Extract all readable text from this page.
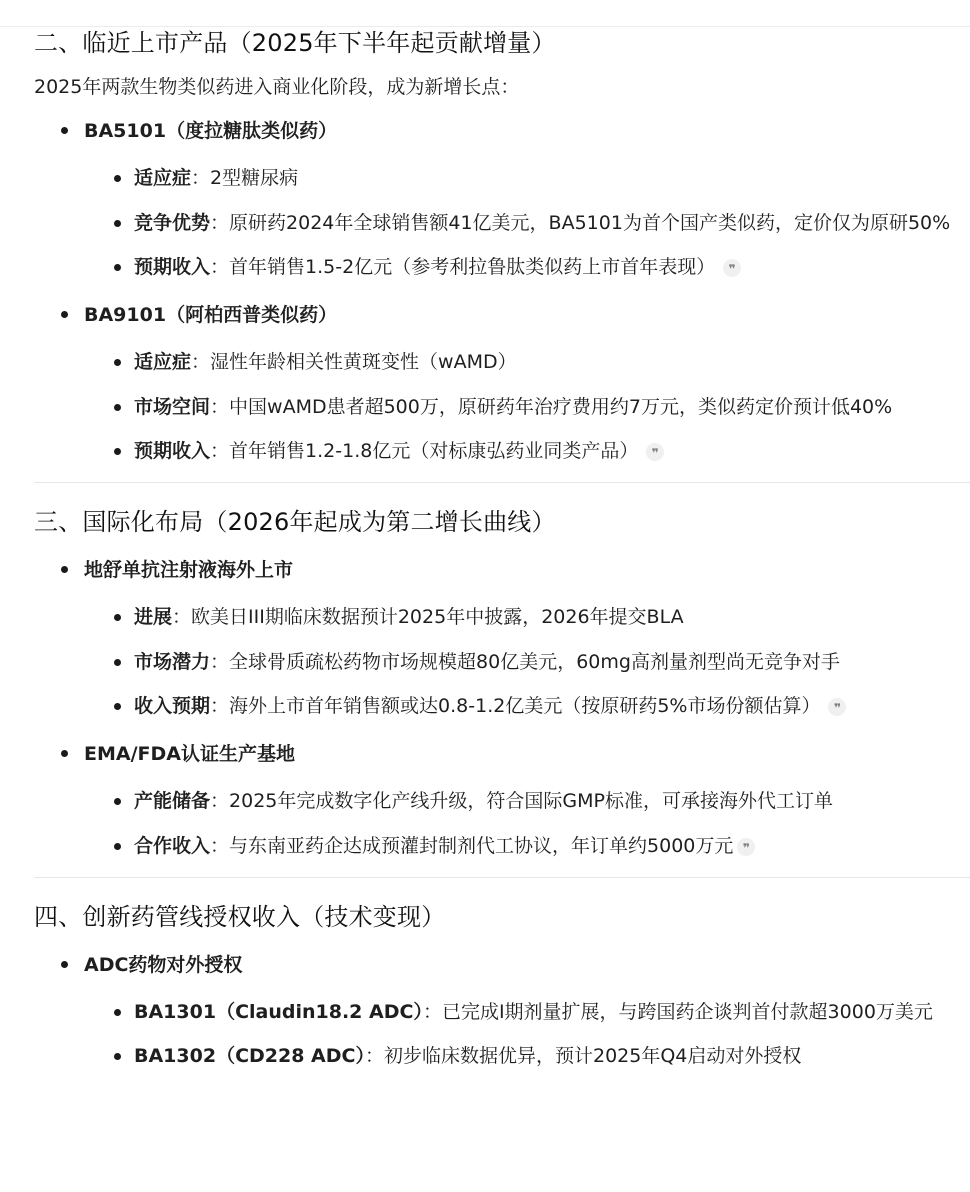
二、临近上市产品（2025年下半年起贡献增量）

2025年两款生物类似药进入商业化阶段，成为新增长点：

BA5101（度拉糖肽类似药）
适应症：2型糖尿病
竞争优势：原研药2024年全球销售额41亿美元，BA5101为首个国产类似药，定价仅为原研50%
预期收入：首年销售1.5-2亿元（参考利拉鲁肽类似药上市首年表现） ❞
BA9101（阿柏西普类似药）
适应症：湿性年龄相关性黄斑变性（wAMD）
市场空间：中国wAMD患者超500万，原研药年治疗费用约7万元，类似药定价预计低40%
预期收入：首年销售1.2-1.8亿元（对标康弘药业同类产品） ❞
三、国际化布局（2026年起成为第二增长曲线）
地舒单抗注射液海外上市
进展：欧美日III期临床数据预计2025年中披露，2026年提交BLA
市场潜力：全球骨质疏松药物市场规模超80亿美元，60mg高剂量剂型尚无竞争对手
收入预期：海外上市首年销售额或达0.8-1.2亿美元（按原研药5%市场份额估算） ❞
EMA/FDA认证生产基地
产能储备：2025年完成数字化产线升级，符合国际GMP标准，可承接海外代工订单
合作收入：与东南亚药企达成预灌封制剂代工协议，年订单约5000万元 ❞
四、创新药管线授权收入（技术变现）
ADC药物对外授权
BA1301（Claudin18.2 ADC）：已完成I期剂量扩展，与跨国药企谈判首付款超3000万美元
BA1302（CD228 ADC）：初步临床数据优异，预计2025年Q4启动对外授权
